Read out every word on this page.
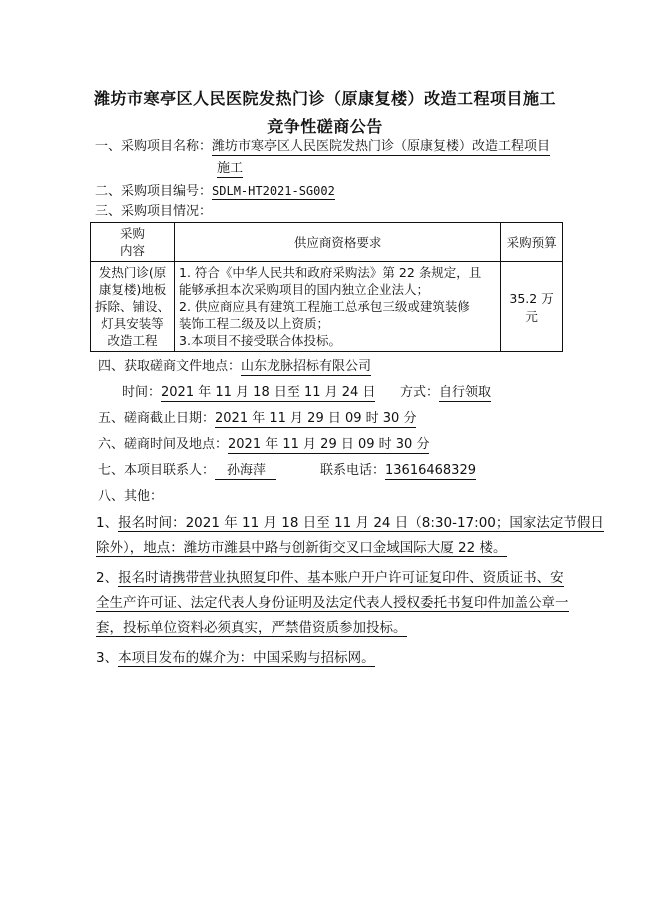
潍坊市寒亭区人民医院发热门诊（原康复楼）改造工程项目施工
竞争性磋商公告
一、采购项目名称：潍坊市寒亭区人民医院发热门诊（原康复楼）改造工程项目
施工
二、采购项目编号：SDLM-HT2021-SG002
三、采购项目情况：
采购
内容	供应商资格要求	采购预算

发热门诊(原
康复楼)地板
拆除、铺设、
灯具安装等
改造工程	1. 符合《中华人民共和政府采购法》第 22 条规定，且
能够承担本次采购项目的国内独立企业法人；
2. 供应商应具有建筑工程施工总承包三级或建筑装修
装饰工程二级及以上资质；
3.本项目不接受联合体投标。	35.2 万元
四、获取磋商文件地点：山东龙脉招标有限公司
时间：2021 年 11 月 18 日至 11 月 24 日 方式：自行领取
五、磋商截止日期：2021 年 11 月 29 日 09 时 30 分
六、磋商时间及地点：2021 年 11 月 29 日 09 时 30 分
七、本项目联系人： 孙海萍	联系电话：13616468329
八、其他：
1、报名时间：2021 年 11 月 18 日至 11 月 24 日（8:30-17:00；国家法定节假日
除外），地点：潍坊市潍县中路与创新街交叉口金域国际大厦 22 楼。
2、报名时请携带营业执照复印件、基本账户开户许可证复印件、资质证书、安
全生产许可证、法定代表人身份证明及法定代表人授权委托书复印件加盖公章一
套，投标单位资料必须真实，严禁借资质参加投标。
3、本项目发布的媒介为：中国采购与招标网。
